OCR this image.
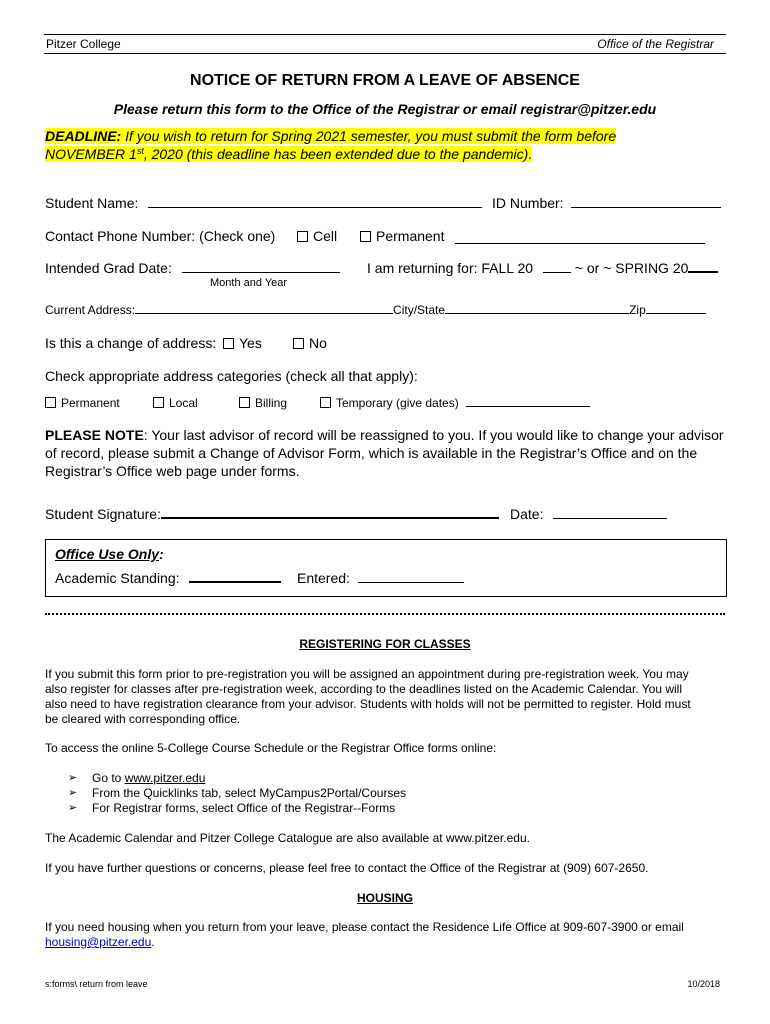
Pitzer College	Office of the Registrar
NOTICE OF RETURN FROM A LEAVE OF ABSENCE
Please return this form to the Office of the Registrar or email registrar@pitzer.edu
DEADLINE: If you wish to return for Spring 2021 semester, you must submit the form before
NOVEMBER 1st, 2020 (this deadline has been extended due to the pandemic).
Student Name:	ID Number:
Contact Phone Number: (Check one)	Cell	Permanent
Intended Grad Date:
Month and Year
I am returning for: FALL 20	~ or ~ SPRING 20
Current Address:	City/State	Zip
Is this a change of address:	Yes	No
Check appropriate address categories (check all that apply):
Permanent	Local	Billing	Temporary (give dates)
PLEASE NOTE: Your last advisor of record will be reassigned to you. If you would like to change your advisor
of record, please submit a Change of Advisor Form, which is available in the Registrar’s Office and on the
Registrar’s Office web page under forms.
Student Signature:	Date:
Office Use Only:
Academic Standing:	Entered:
REGISTERING FOR CLASSES
If you submit this form prior to pre-registration you will be assigned an appointment during pre-registration week. You may
also register for classes after pre-registration week, according to the deadlines listed on the Academic Calendar. You will
also need to have registration clearance from your advisor. Students with holds will not be permitted to register. Hold must
be cleared with corresponding office.
To access the online 5-College Course Schedule or the Registrar Office forms online:
➢ Go to www.pitzer.edu
➢ From the Quicklinks tab, select MyCampus2Portal/Courses
➢ For Registrar forms, select Office of the Registrar--Forms
The Academic Calendar and Pitzer College Catalogue are also available at www.pitzer.edu.
If you have further questions or concerns, please feel free to contact the Office of the Registrar at (909) 607-2650.
HOUSING
If you need housing when you return from your leave, please contact the Residence Life Office at 909-607-3900 or email
housing@pitzer.edu.
s:forms\ return from leave	10/2018
